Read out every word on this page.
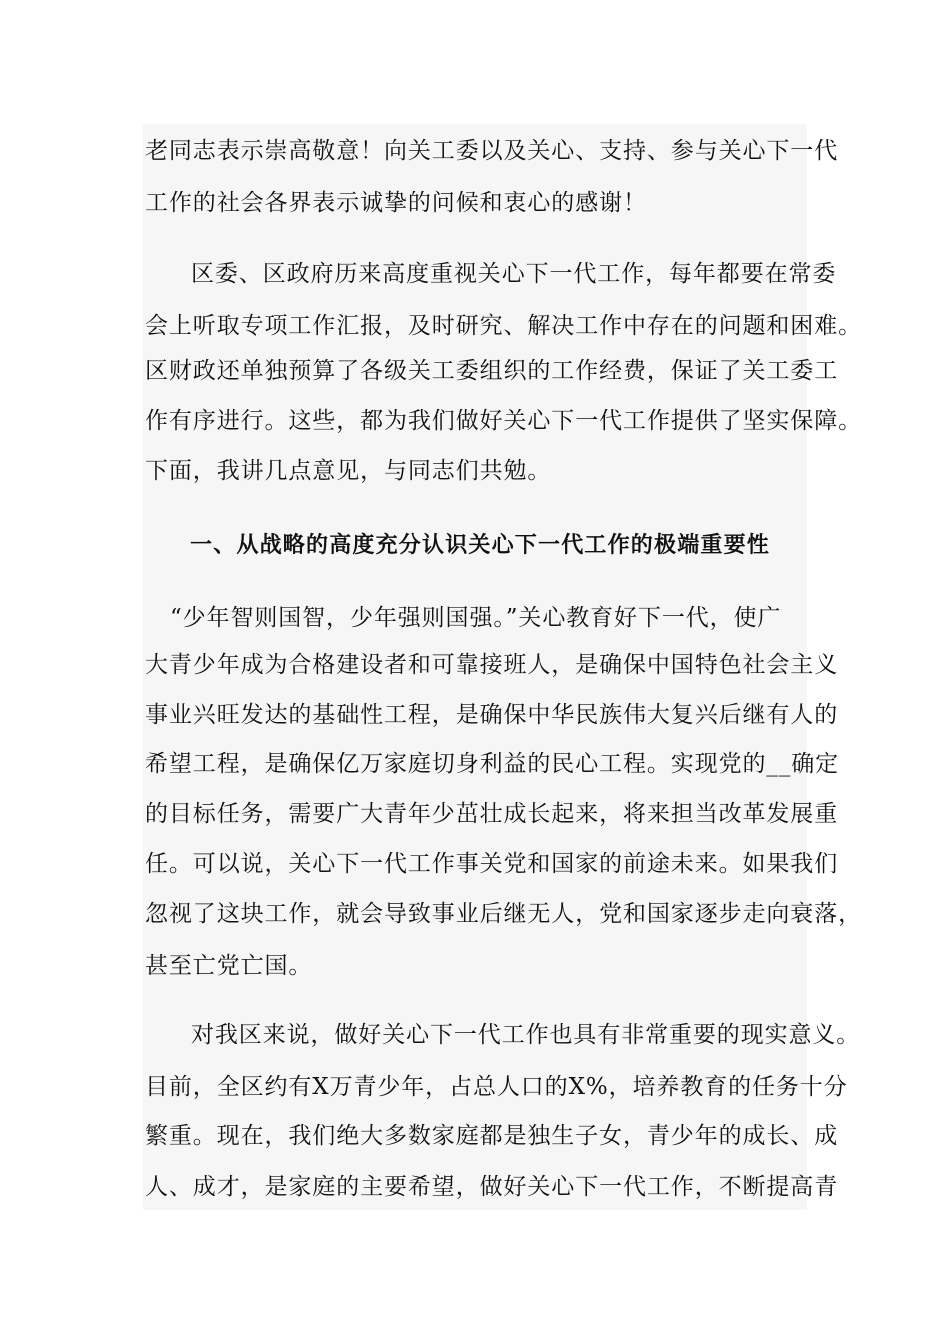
老同志表示崇高敬意！向关工委以及关心、支持、参与关心下一代
工作的社会各界表示诚挚的问候和衷心的感谢！
区委、区政府历来高度重视关心下一代工作，每年都要在常委
会上听取专项工作汇报，及时研究、解决工作中存在的问题和困难。
区财政还单独预算了各级关工委组织的工作经费，保证了关工委工
作有序进行。这些，都为我们做好关心下一代工作提供了坚实保障。
下面，我讲几点意见，与同志们共勉。
一、从战略的高度充分认识关心下一代工作的极端重要性
“少年智则国智，少年强则国强。”关心教育好下一代，使广
大青少年成为合格建设者和可靠接班人，是确保中国特色社会主义
事业兴旺发达的基础性工程，是确保中华民族伟大复兴后继有人的
希望工程，是确保亿万家庭切身利益的民心工程。实现党的__确定
的目标任务，需要广大青年少茁壮成长起来，将来担当改革发展重
任。可以说，关心下一代工作事关党和国家的前途未来。如果我们
忽视了这块工作，就会导致事业后继无人，党和国家逐步走向衰落，
甚至亡党亡国。
对我区来说，做好关心下一代工作也具有非常重要的现实意义。
目前，全区约有X万青少年，占总人口的X%，培养教育的任务十分
繁重。现在，我们绝大多数家庭都是独生子女，青少年的成长、成
人、成才，是家庭的主要希望，做好关心下一代工作，不断提高青
